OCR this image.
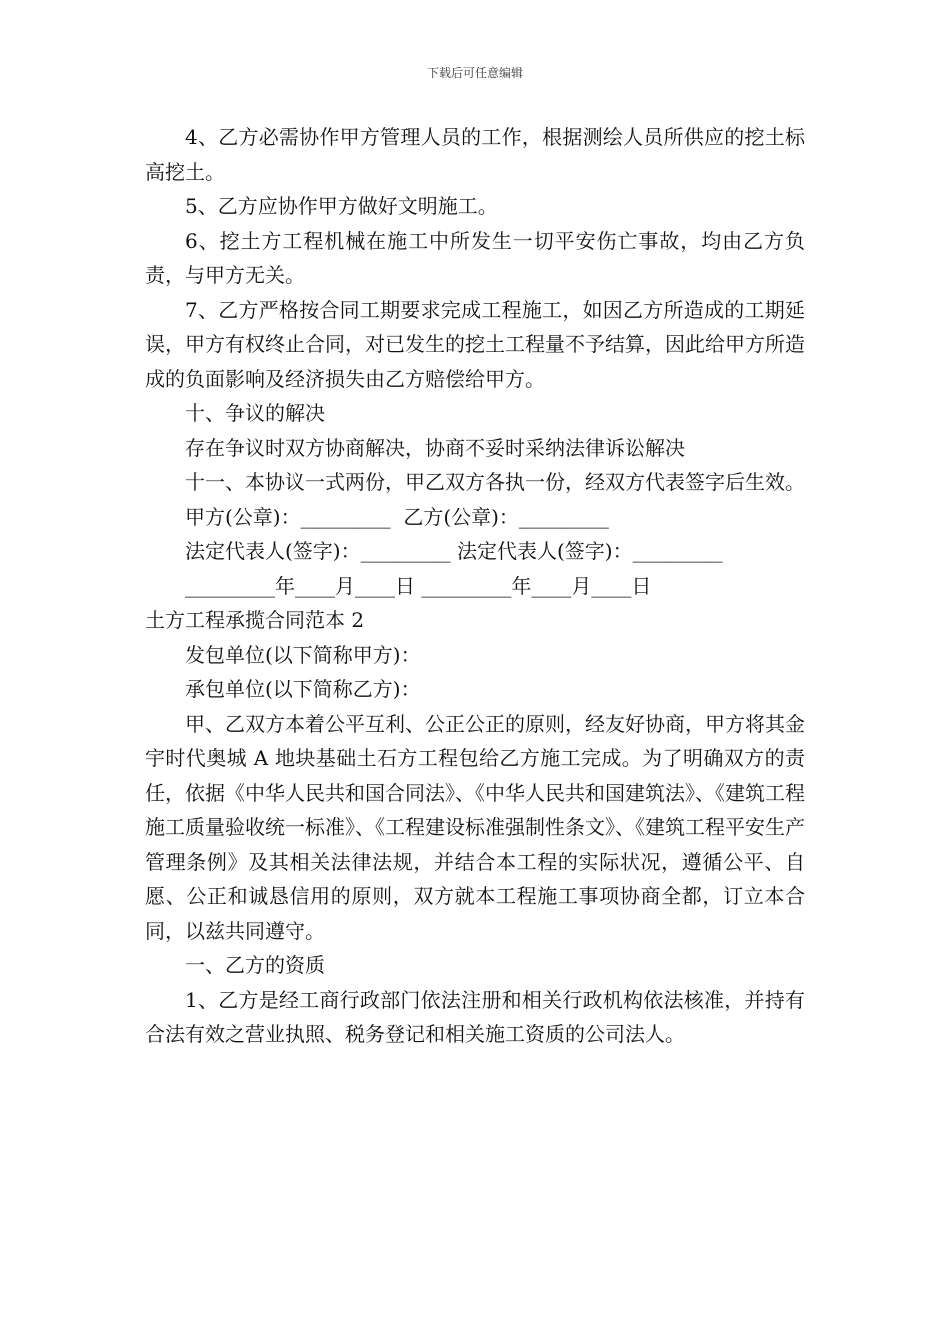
下载后可任意编辑

4、乙方必需协作甲方管理人员的工作，根据测绘人员所供应的挖土标高挖土。

5、乙方应协作甲方做好文明施工。

6、挖土方工程机械在施工中所发生一切平安伤亡事故，均由乙方负责，与甲方无关。

7、乙方严格按合同工期要求完成工程施工，如因乙方所造成的工期延误，甲方有权终止合同，对已发生的挖土工程量不予结算，因此给甲方所造成的负面影响及经济损失由乙方赔偿给甲方。

十、争议的解决

存在争议时双方协商解决，协商不妥时采纳法律诉讼解决

十一、本协议一式两份，甲乙双方各执一份，经双方代表签字后生效。

甲方(公章)：_________  乙方(公章)：_________
法定代表人(签字)：_________ 法定代表人(签字)：_________
_________年____月____日 _________年____月____日

土方工程承揽合同范本 2

发包单位(以下简称甲方)：

承包单位(以下简称乙方)：

甲、乙双方本着公平互利、公正公正的原则，经友好协商，甲方将其金宇时代奥城 A 地块基础土石方工程包给乙方施工完成。为了明确双方的责任，依据《中华人民共和国合同法》、《中华人民共和国建筑法》、《建筑工程施工质量验收统一标准》、《工程建设标准强制性条文》、《建筑工程平安生产管理条例》及其相关法律法规，并结合本工程的实际状况，遵循公平、自愿、公正和诚恳信用的原则，双方就本工程施工事项协商全都，订立本合同，以兹共同遵守。

一、乙方的资质

1、乙方是经工商行政部门依法注册和相关行政机构依法核准，并持有合法有效之营业执照、税务登记和相关施工资质的公司法人。
